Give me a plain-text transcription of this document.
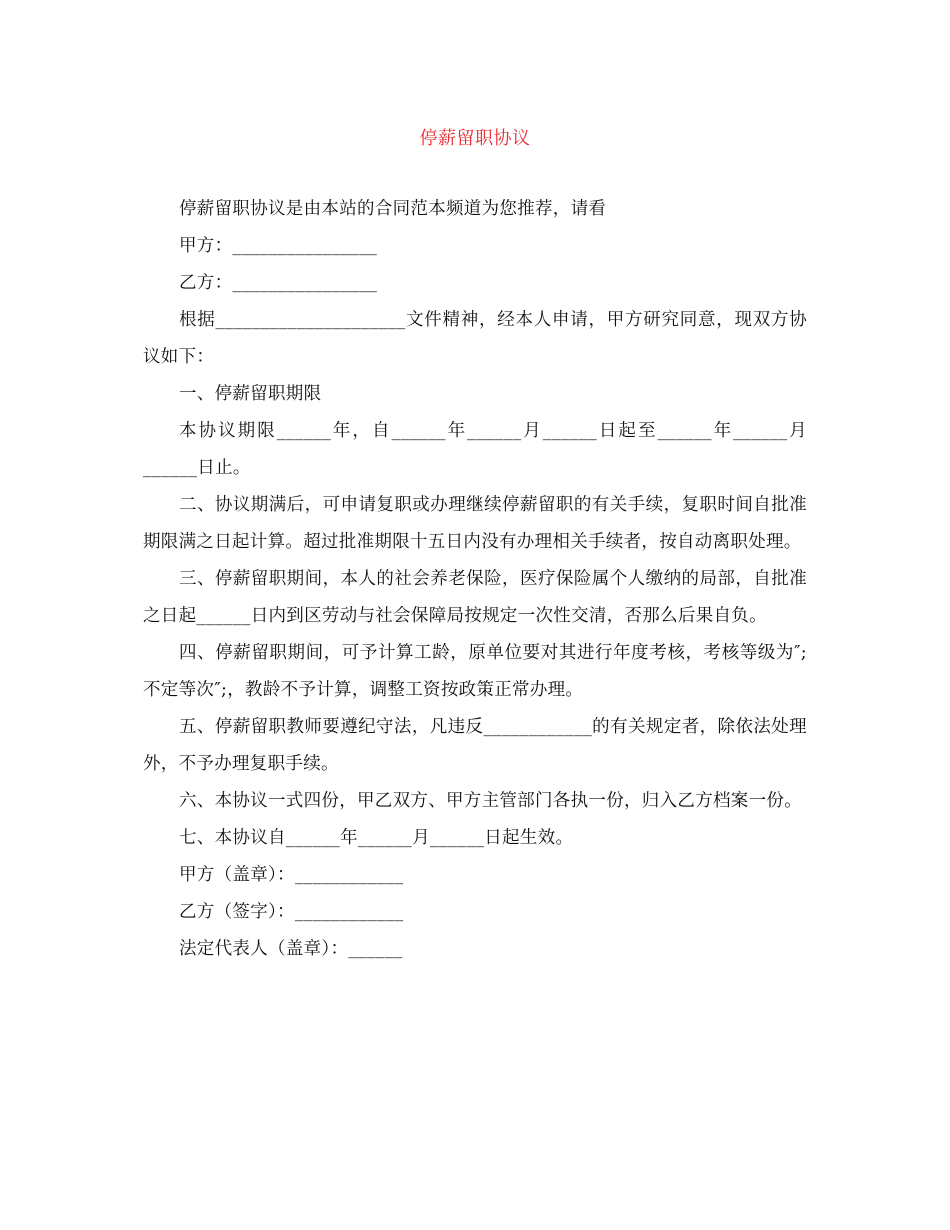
停薪留职协议

停薪留职协议是由本站的合同范本频道为您推荐，请看

甲方：________________

乙方：________________

根据_____________________文件精神，经本人申请，甲方研究同意，现双方协议如下：

一、停薪留职期限

本协议期限______年，自______年______月______日起至______年______月______日止。

二、协议期满后，可申请复职或办理继续停薪留职的有关手续，复职时间自批准期限满之日起计算。超过批准期限十五日内没有办理相关手续者，按自动离职处理。

三、停薪留职期间，本人的社会养老保险，医疗保险属个人缴纳的局部，自批准之日起______日内到区劳动与社会保障局按规定一次性交清，否那么后果自负。

四、停薪留职期间，可予计算工龄，原单位要对其进行年度考核，考核等级为″;不定等次″;，教龄不予计算，调整工资按政策正常办理。

五、停薪留职教师要遵纪守法，凡违反____________的有关规定者，除依法处理外，不予办理复职手续。

六、本协议一式四份，甲乙双方、甲方主管部门各执一份，归入乙方档案一份。

七、本协议自______年______月______日起生效。

甲方（盖章）：____________

乙方（签字）：____________

法定代表人（盖章）：______
